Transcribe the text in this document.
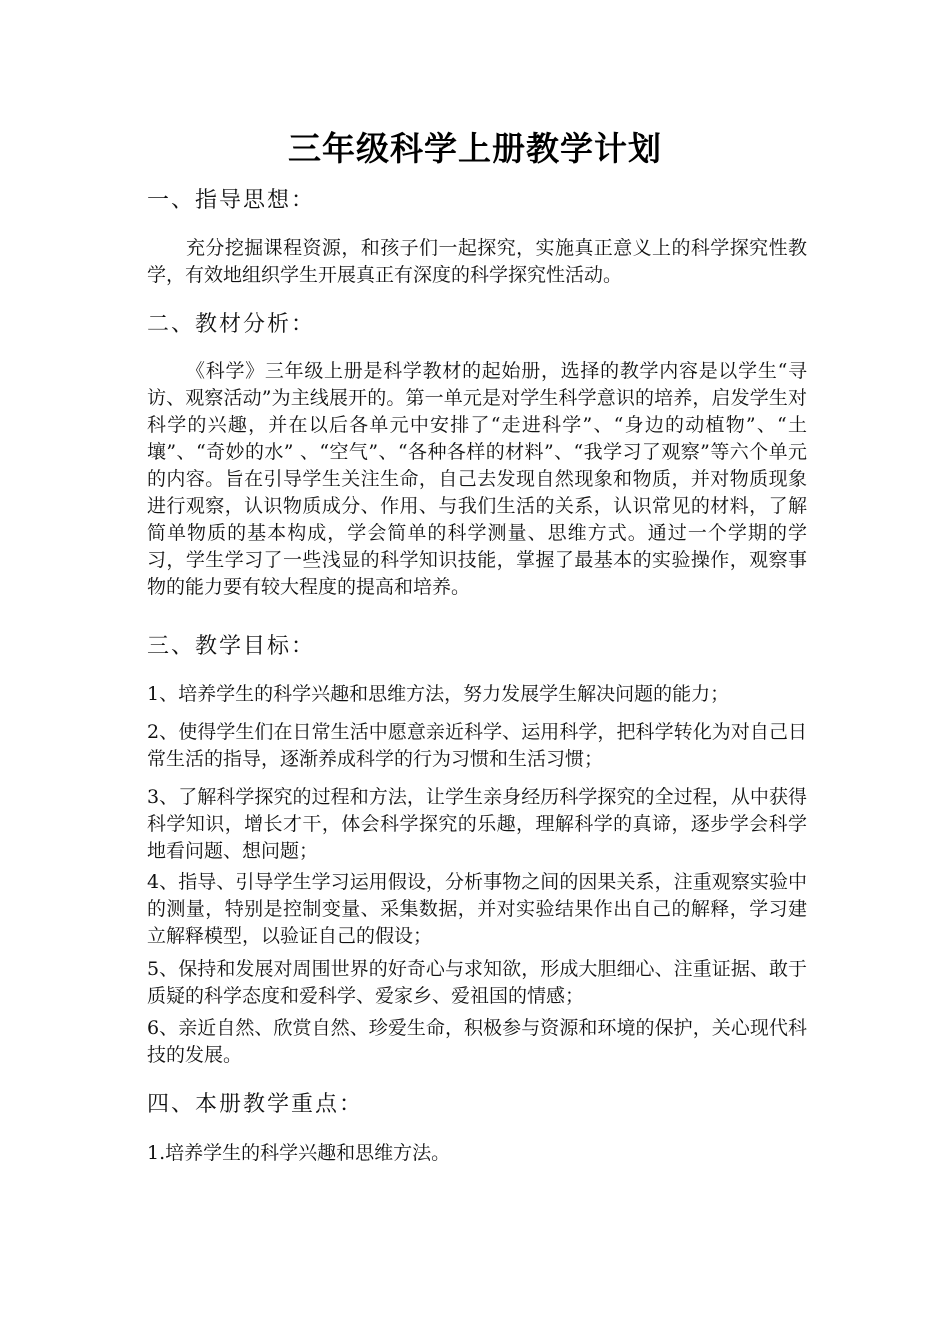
三年级科学上册教学计划
一、指导思想：
充分挖掘课程资源，和孩子们一起探究，实施真正意义上的科学探究性教学，有效地组织学生开展真正有深度的科学探究性活动。
二、教材分析：
《科学》三年级上册是科学教材的起始册，选择的教学内容是以学生“寻访、观察活动”为主线展开的。第一单元是对学生科学意识的培养，启发学生对科学的兴趣，并在以后各单元中安排了“走进科学”、“身边的动植物”、“土壤”、“奇妙的水” 、“空气”、“各种各样的材料”、“我学习了观察”等六个单元的内容。旨在引导学生关注生命，自己去发现自然现象和物质，并对物质现象进行观察，认识物质成分、作用、与我们生活的关系，认识常见的材料，了解简单物质的基本构成，学会简单的科学测量、思维方式。通过一个学期的学习，学生学习了一些浅显的科学知识技能，掌握了最基本的实验操作，观察事物的能力要有较大程度的提高和培养。
三、教学目标：
1、培养学生的科学兴趣和思维方法，努力发展学生解决问题的能力；
2、使得学生们在日常生活中愿意亲近科学、运用科学，把科学转化为对自己日常生活的指导，逐渐养成科学的行为习惯和生活习惯；
3、了解科学探究的过程和方法，让学生亲身经历科学探究的全过程，从中获得科学知识，增长才干，体会科学探究的乐趣，理解科学的真谛，逐步学会科学地看问题、想问题；
4、指导、引导学生学习运用假设，分析事物之间的因果关系，注重观察实验中的测量，特别是控制变量、采集数据，并对实验结果作出自己的解释，学习建立解释模型，以验证自己的假设；
5、保持和发展对周围世界的好奇心与求知欲，形成大胆细心、注重证据、敢于质疑的科学态度和爱科学、爱家乡、爱祖国的情感；
6、亲近自然、欣赏自然、珍爱生命，积极参与资源和环境的保护，关心现代科技的发展。
四、本册教学重点：
1.培养学生的科学兴趣和思维方法。
